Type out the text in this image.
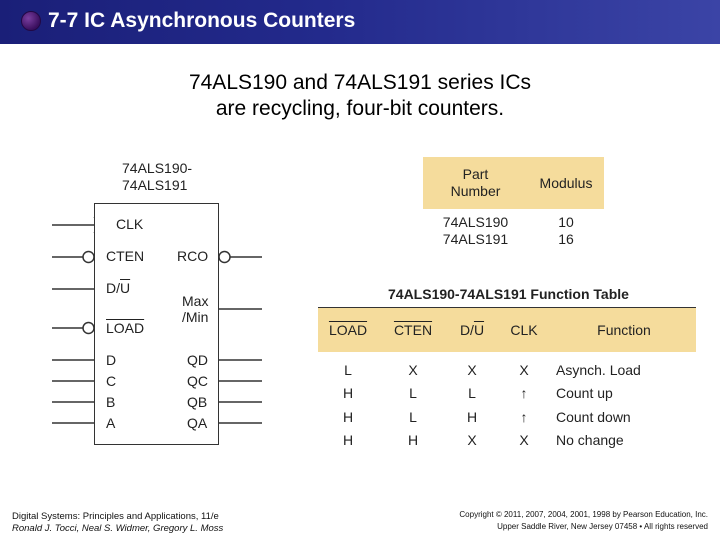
7-7 IC Asynchronous Counters
74ALS190 and 74ALS191 series ICs
are recycling, four-bit counters.
74ALS190-
74ALS191
CLK
CTEN
$D/\overline{U}$
LOAD
D
C
B
A
RCO
Max
/Min
QD
QC
QB
QA
Part
Number
Modulus
74ALS190	10
74ALS191	16
74ALS190-74ALS191 Function Table
LOAD	CTEN	D/ $\overline{U}$	CLK	Function
L	X	X	X	Asynch. Load
H	L	L	↑	Count up
H	L	H	↑	Count down
H	H	X	X	No change
Digital Systems: Principles and Applications, 11/e
Ronald J. Tocci, Neal S. Widmer, Gregory L. Moss
Copyright © 2011, 2007, 2004, 2001, 1998 by Pearson Education, Inc.
Upper Saddle River, New Jersey 07458 • All rights reserved
